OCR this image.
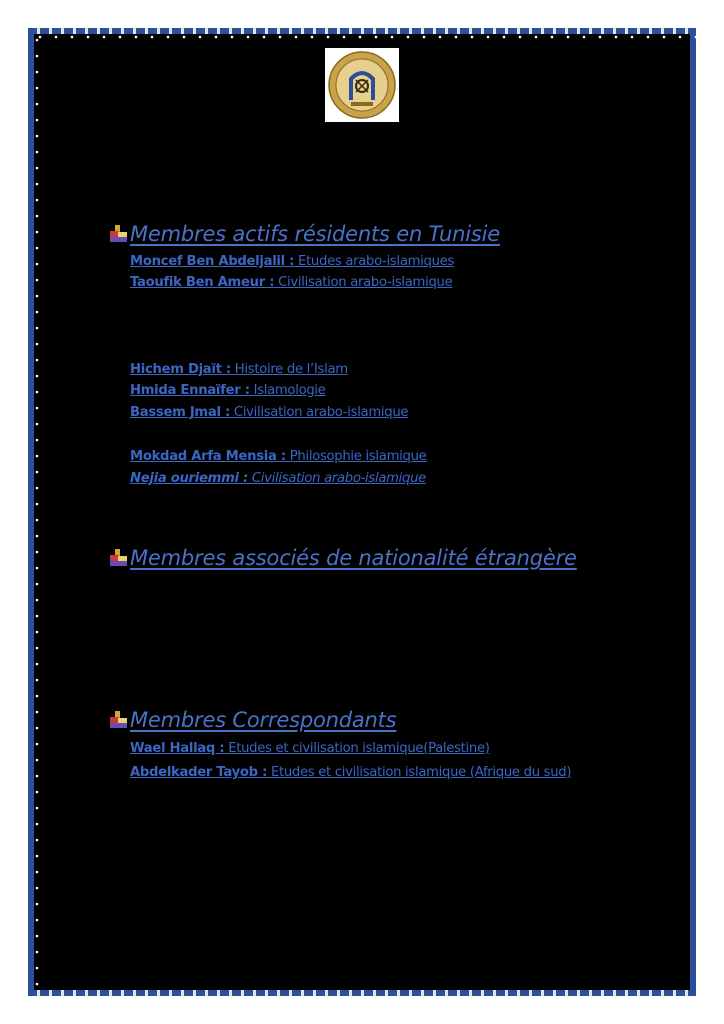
Membres actifs résidents en Tunisie
Moncef Ben Abdeljalil : Etudes arabo-islamiques
Taoufik Ben Ameur : Civilisation arabo-islamique
Hichem Djaït : Histoire de l’Islam
Hmida Ennaïfer : Islamologie
Bassem Jmal : Civilisation arabo-islamique
Mokdad Arfa Mensia : Philosophie islamique
Nejia ouriemmi : Civilisation arabo-islamique
Membres associés de nationalité étrangère
Membres Correspondants
Wael Hallaq : Etudes et civilisation islamique(Palestine)
Abdelkader Tayob : Etudes et civilisation islamique (Afrique du sud)
